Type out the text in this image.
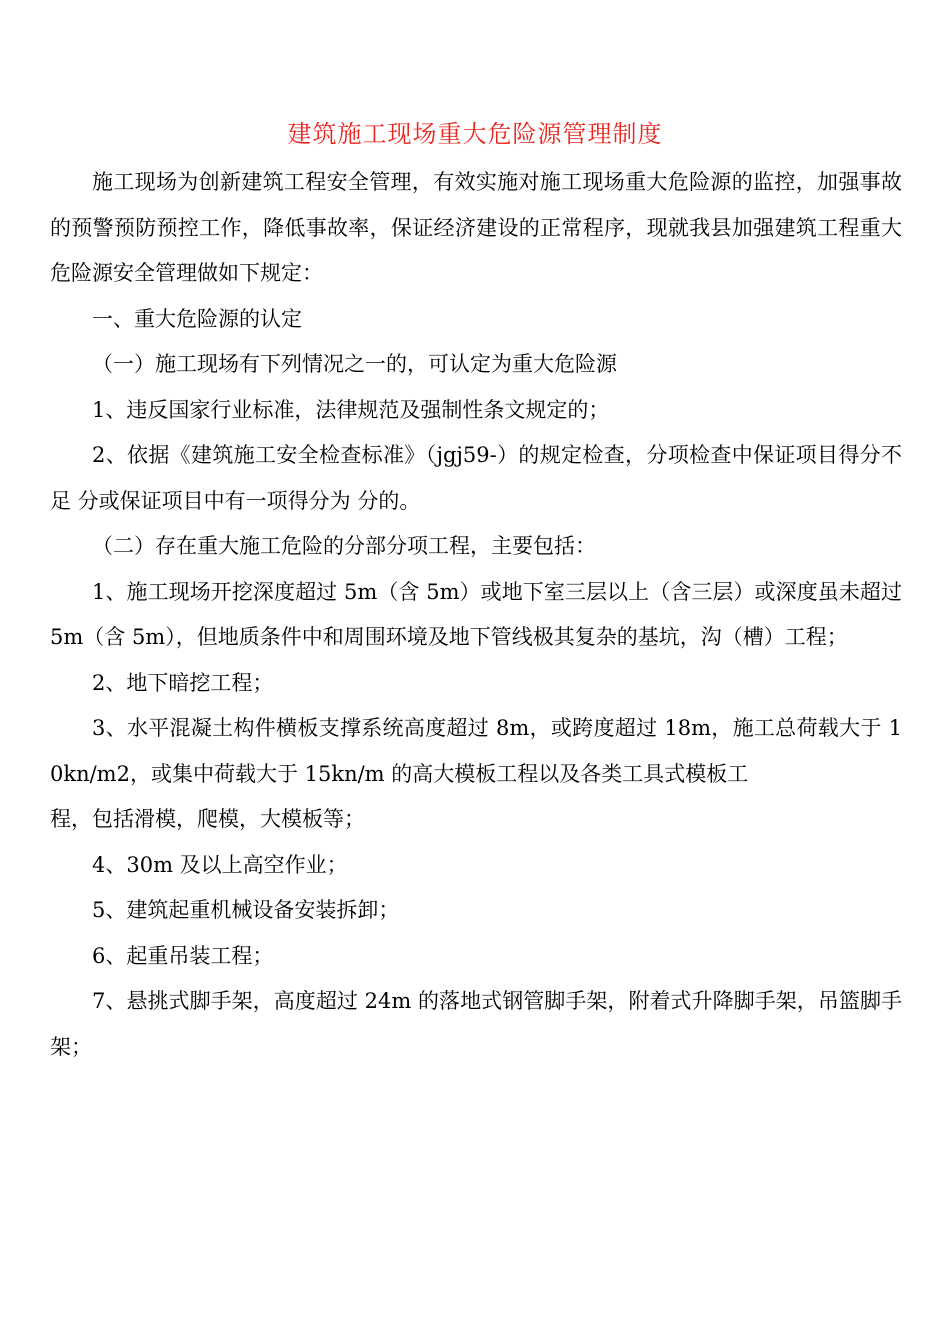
建筑施工现场重大危险源管理制度

施工现场为创新建筑工程安全管理，有效实施对施工现场重大危险源的监控，加强事故的预警预防预控工作，降低事故率，保证经济建设的正常程序，现就我县加强建筑工程重大危险源安全管理做如下规定：

一、重大危险源的认定

（一）施工现场有下列情况之一的，可认定为重大危险源

1、违反国家行业标准，法律规范及强制性条文规定的；

2、依据《建筑施工安全检查标准》（jgj59-）的规定检查，分项检查中保证项目得分不足 分或保证项目中有一项得分为 分的。

（二）存在重大施工危险的分部分项工程，主要包括：

1、施工现场开挖深度超过 5m（含 5m）或地下室三层以上（含三层）或深度虽未超过 5m（含 5m），但地质条件中和周围环境及地下管线极其复杂的基坑，沟（槽）工程；

2、地下暗挖工程；

3、水平混凝土构件横板支撑系统高度超过 8m，或跨度超过 18m，施工总荷载大于 10kn/m2，或集中荷载大于 15kn/m 的高大模板工程以及各类工具式模板工
程，包括滑模，爬模，大模板等；

4、30m 及以上高空作业；

5、建筑起重机械设备安装拆卸；

6、起重吊装工程；

7、悬挑式脚手架，高度超过 24m 的落地式钢管脚手架，附着式升降脚手架，吊篮脚手架；
